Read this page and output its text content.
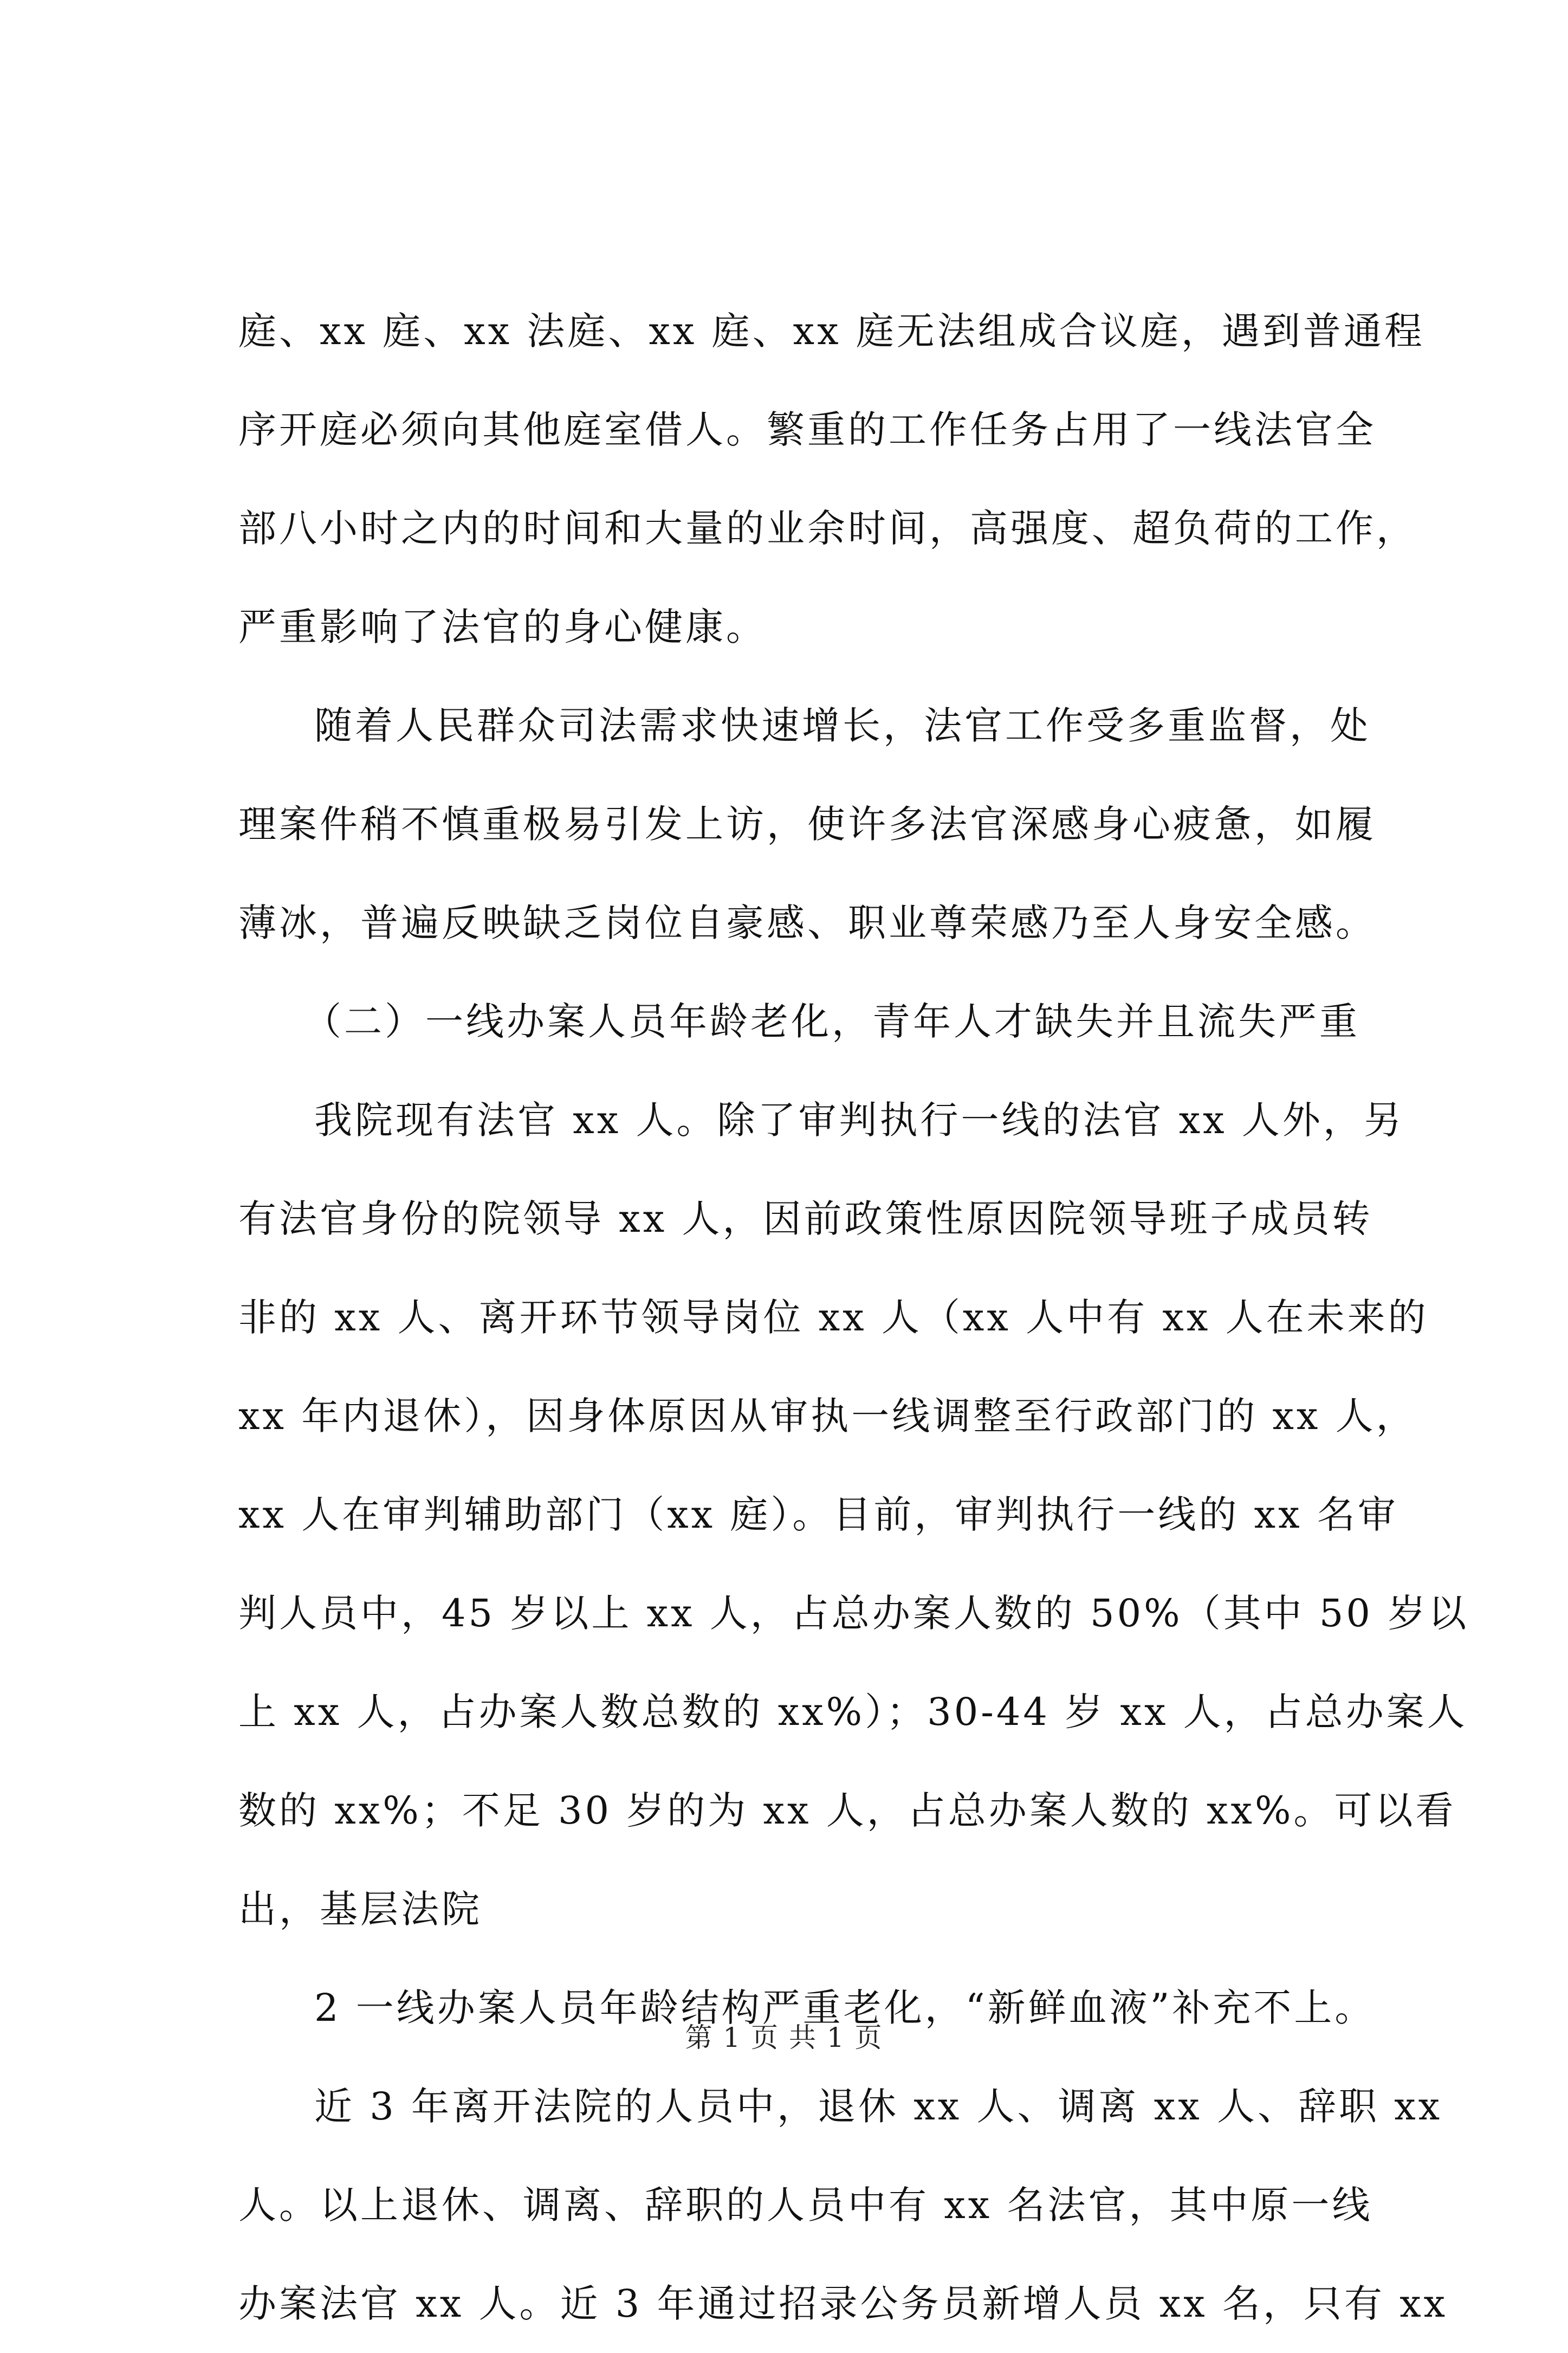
庭、xx 庭、xx 法庭、xx 庭、xx 庭无法组成合议庭，遇到普通程
序开庭必须向其他庭室借人。繁重的工作任务占用了一线法官全
部八小时之内的时间和大量的业余时间，高强度、超负荷的工作，
严重影响了法官的身心健康。
随着人民群众司法需求快速增长，法官工作受多重监督，处
理案件稍不慎重极易引发上访，使许多法官深感身心疲惫，如履
薄冰，普遍反映缺乏岗位自豪感、职业尊荣感乃至人身安全感。
（二）一线办案人员年龄老化，青年人才缺失并且流失严重
我院现有法官 xx 人。除了审判执行一线的法官 xx 人外，另
有法官身份的院领导 xx 人，因前政策性原因院领导班子成员转
非的 xx 人、离开环节领导岗位 xx 人（xx 人中有 xx 人在未来的
xx 年内退休），因身体原因从审执一线调整至行政部门的 xx 人，
xx 人在审判辅助部门（xx 庭）。目前，审判执行一线的 xx 名审
判人员中，45 岁以上 xx 人，占总办案人数的 50%（其中 50 岁以
上 xx 人，占办案人数总数的 xx%）；30-44 岁 xx 人，占总办案人
数的 xx%；不足 30 岁的为 xx 人，占总办案人数的 xx%。可以看
出，基层法院
2 一线办案人员年龄结构严重老化，“新鲜血液”补充不上。
近 3 年离开法院的人员中，退休 xx 人、调离 xx 人、辞职 xx
人。以上退休、调离、辞职的人员中有 xx 名法官，其中原一线
办案法官 xx 人。近 3 年通过招录公务员新增人员 xx 名，只有 xx
第 1 页 共 1 页
